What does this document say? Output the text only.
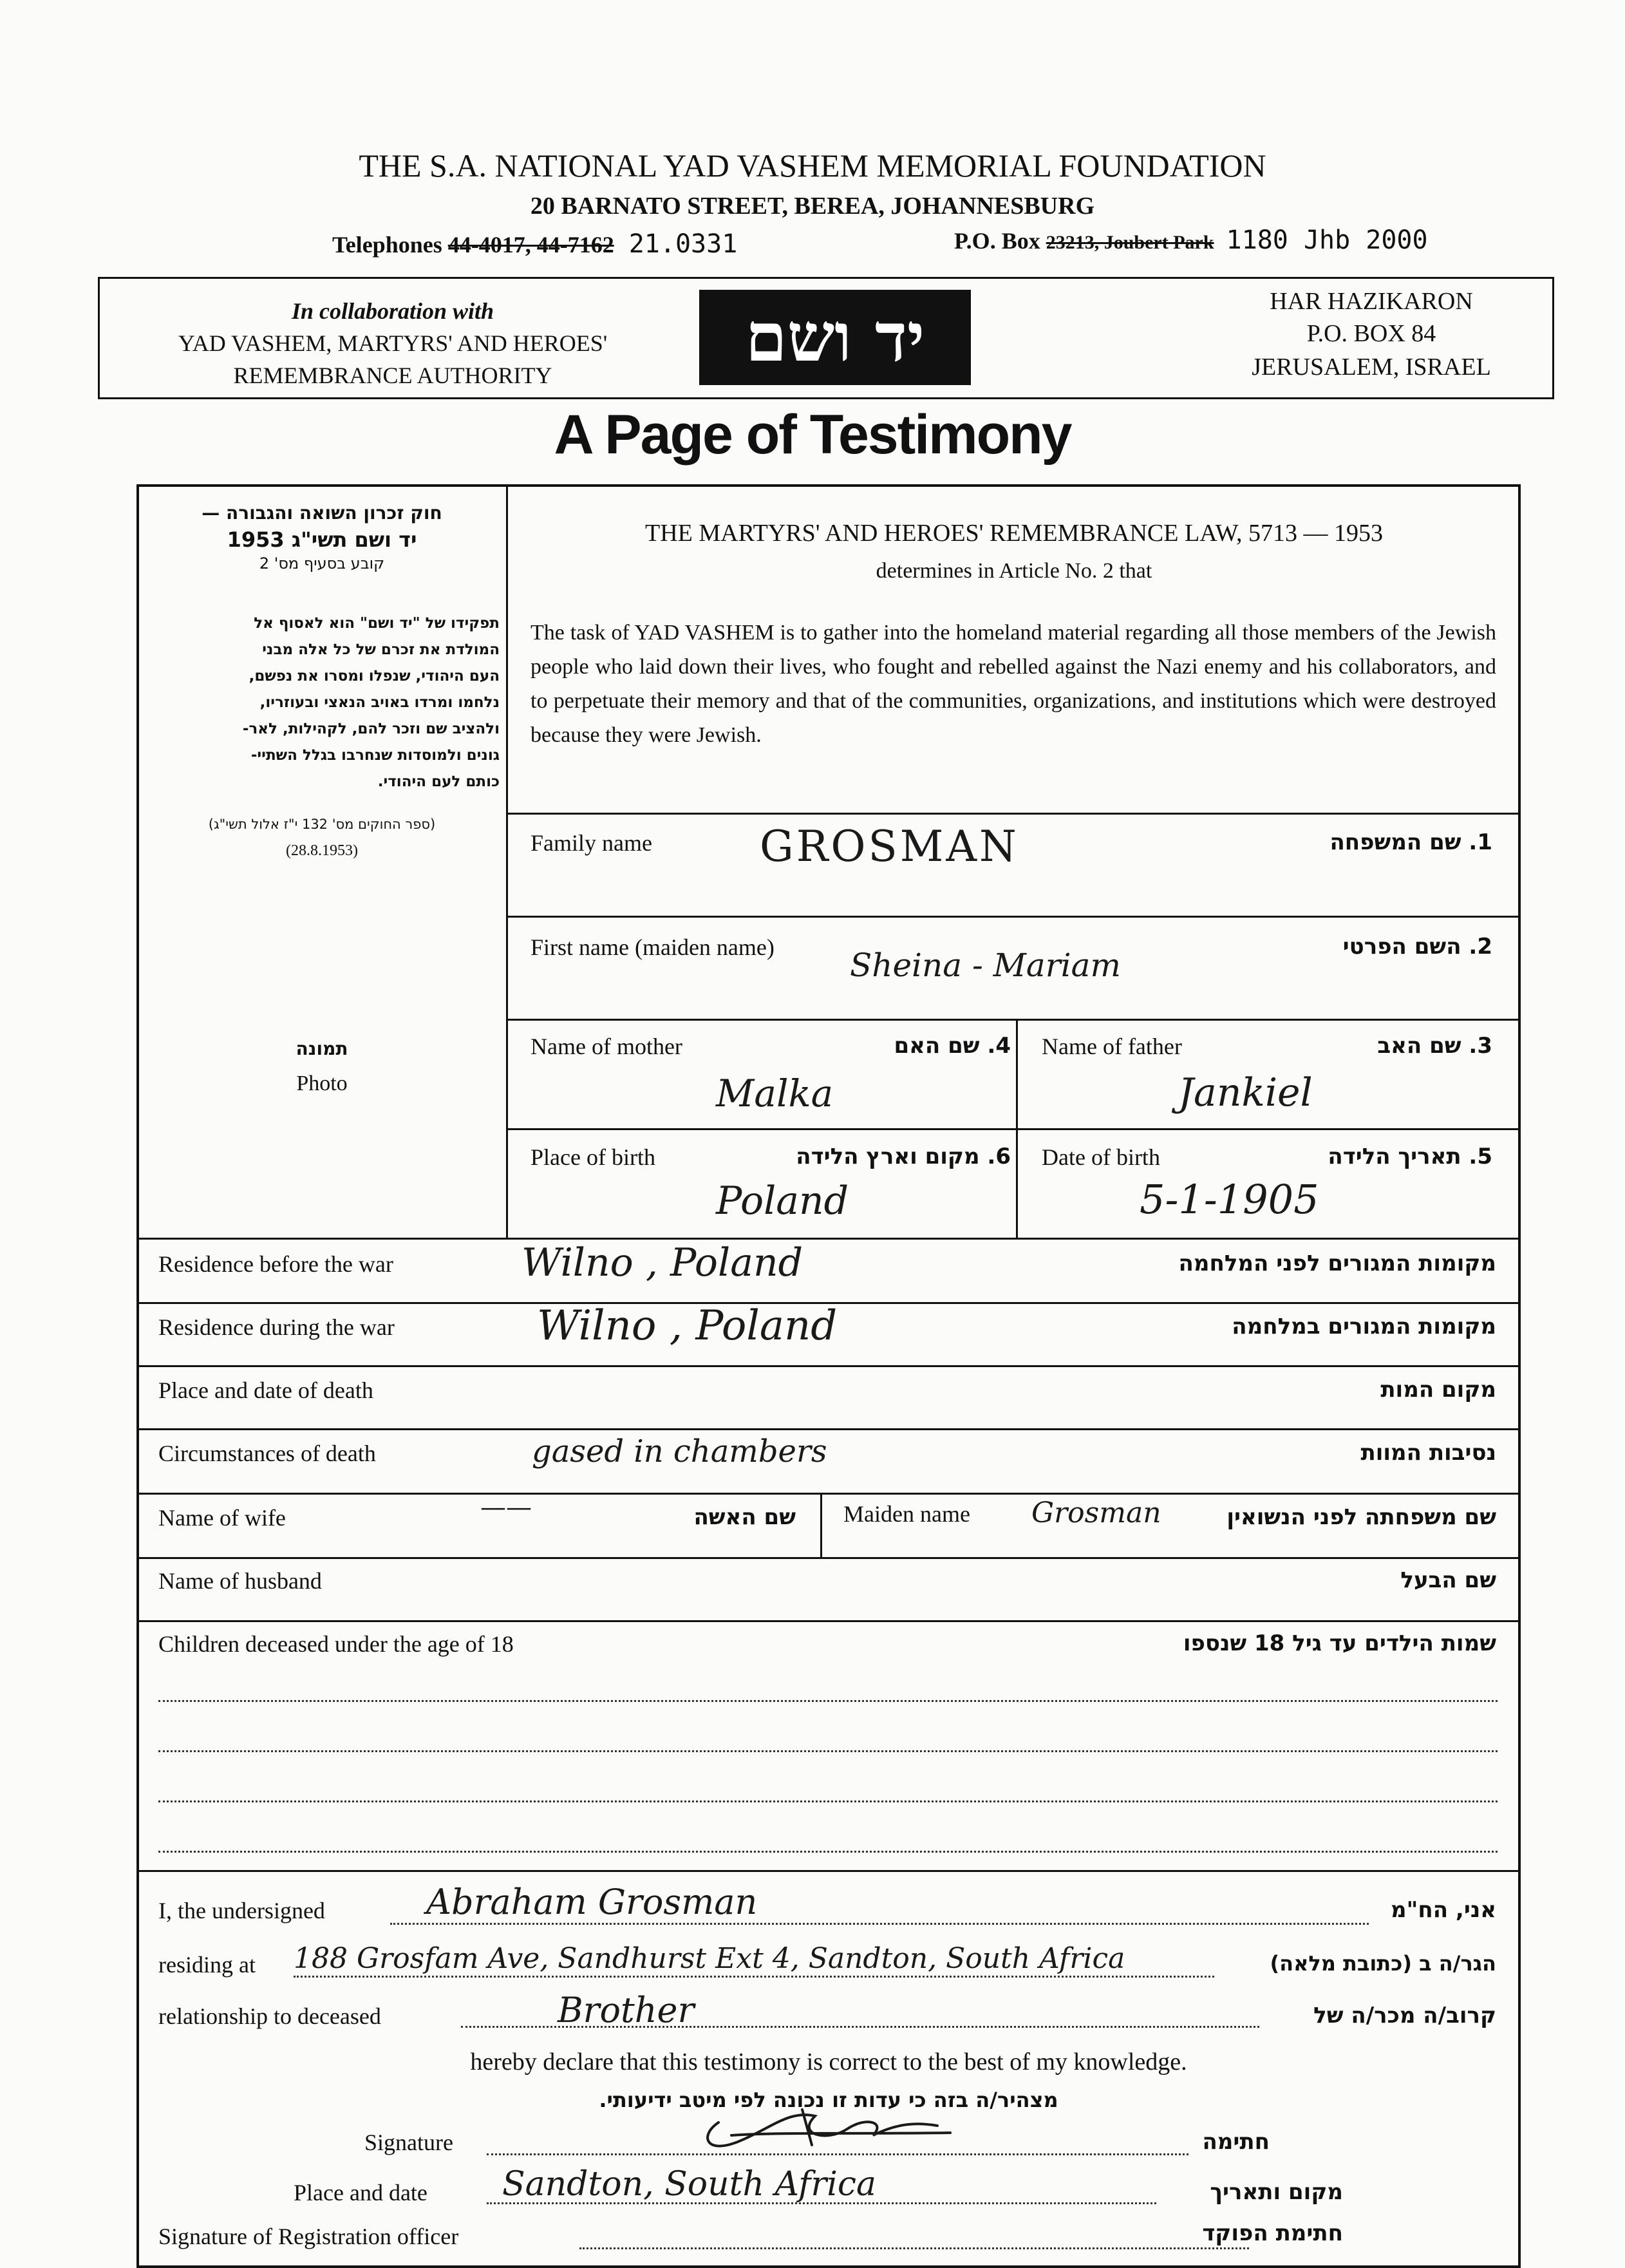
THE S.A. NATIONAL YAD VASHEM MEMORIAL FOUNDATION
20 BARNATO STREET, BEREA, JOHANNESBURG
Telephones 44-4017, 44-7162 21.0331	P.O. Box 23213, Joubert Park 1180 Jhb 2000
In collaboration with
YAD VASHEM, MARTYRS' AND HEROES'
REMEMBRANCE AUTHORITY	יד ושם	HAR HAZIKARON
P.O. BOX 84
JERUSALEM, ISRAEL
A Page of Testimony
חוק זכרון השואה והגבורה —
יד ושם תשי"ג 1953
קובע בסעיף מס' 2
תפקידו של "יד ושם" הוא לאסוף אל
המולדת את זכרם של כל אלה מבני
העם היהודי, שנפלו ומסרו את נפשם,
נלחמו ומרדו באויב הנאצי ובעוזריו,
ולהציב שם וזכר להם, לקהילות, לאר-
גונים ולמוסדות שנחרבו בגלל השתיי-
כותם לעם היהודי.
(ספר החוקים מס' 132 י"ז אלול תשי"ג)
(28.8.1953)
תמונה
Photo
THE MARTYRS' AND HEROES' REMEMBRANCE LAW, 5713 — 1953
determines in Article No. 2 that
The task of YAD VASHEM is to gather into the homeland material regarding all those members of the Jewish people who laid down their lives, who fought and rebelled against the Nazi enemy and his collaborators, and to perpetuate their memory and that of the communities, organizations, and institutions which were destroyed because they were Jewish.
Family name	GROSMAN	1. שם המשפחה
First name (maiden name) Sheina - Mariam	2. השם הפרטי
Name of mother	4. שם האם
Malka
Name of father	3. שם האב
Jankiel
Place of birth	6. מקום וארץ הלידה
Poland
Date of birth	5. תאריך הלידה
5-1-1905
Residence before the war	Wilno , Poland	מקומות המגורים לפני המלחמה
Residence during the war	Wilno , Poland	מקומות המגורים במלחמה
Place and date of death	מקום המות
Circumstances of death	gased in chambers	נסיבות המוות
Name of wife	——	שם האשה Maiden name Grosman	שם משפחתה לפני הנשואין
Name of husband	שם הבעל
Children deceased under the age of 18	שמות הילדים עד גיל 18 שנספו
I, the undersigned	Abraham Grosman	אני, הח"מ
residing at 188 Grosfam Ave, Sandhurst Ext 4, Sandton, South Africa	הגר/ה ב (כתובת מלאה)
relationship to deceased	Brother	קרוב/ה מכר/ה של
hereby declare that this testimony is correct to the best of my knowledge.
מצהיר/ה בזה כי עדות זו נכונה לפי מיטב ידיעותי.
Signature	חתימה
Place and date Sandton, South Africa	מקום ותאריך
Signature of Registration officer	חתימת הפוקד
